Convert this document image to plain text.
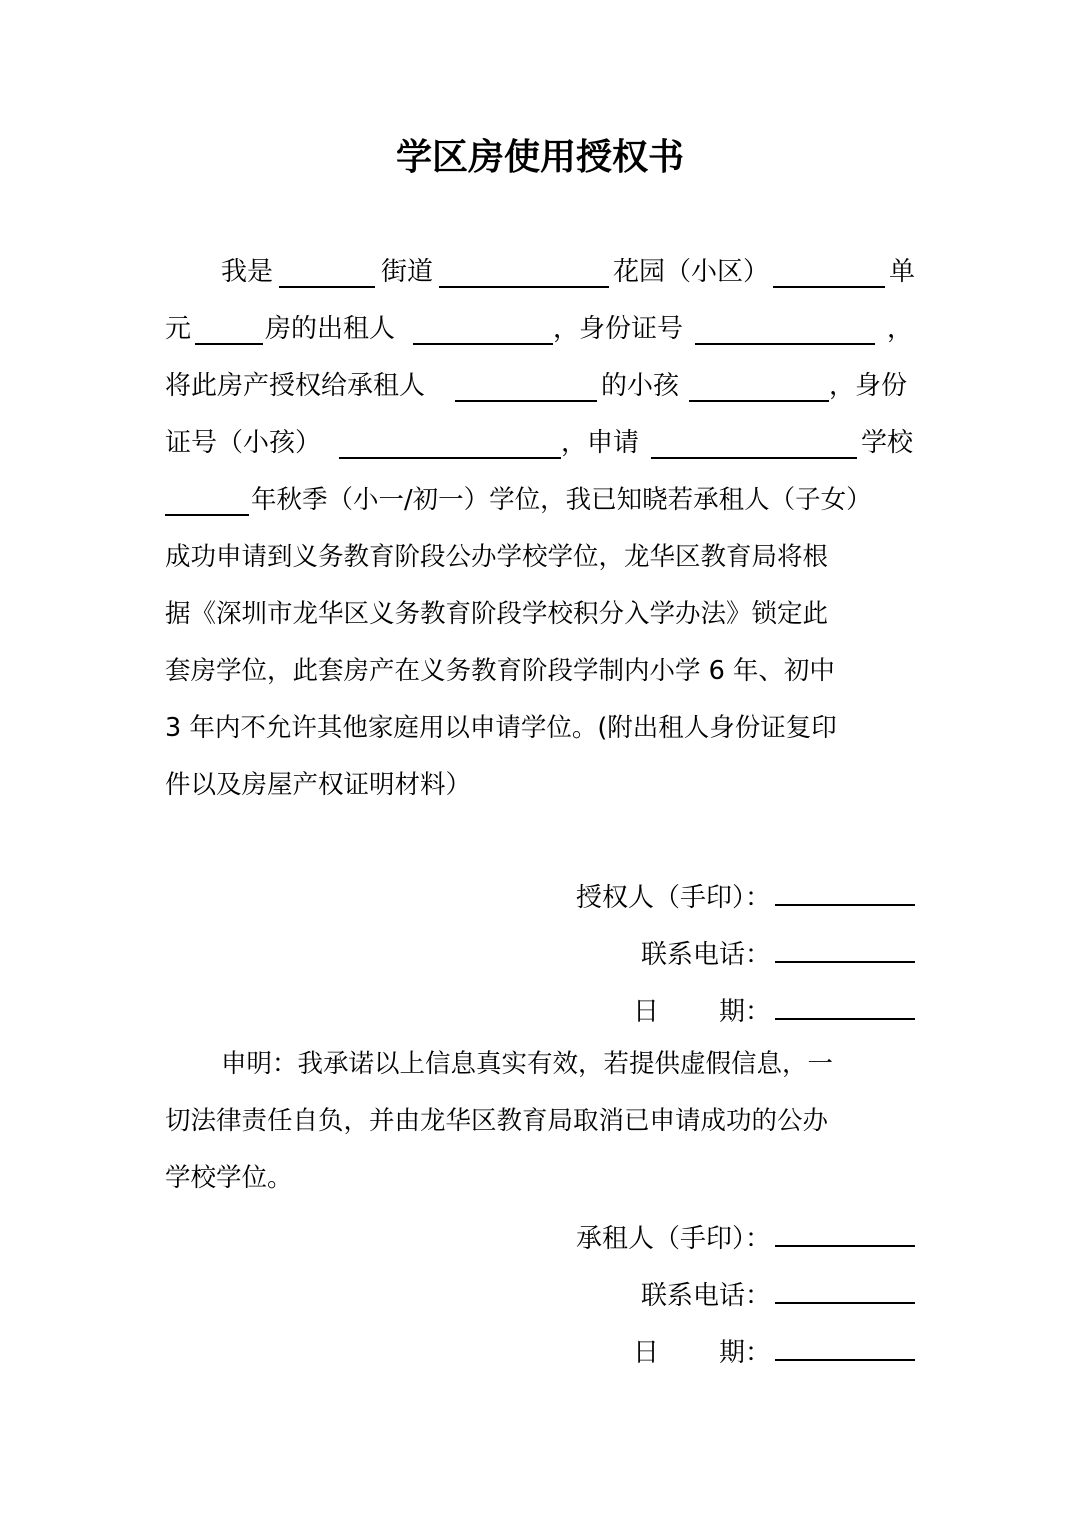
学区房使用授权书
我是	街道	花园（小区）	单
元	房的出租人	，身份证号	，
将此房产授权给承租人	的小孩	，身份
证号（小孩）	，申请	学校
年秋季（小一/初一）学位，我已知晓若承租人（子女）
成功申请到义务教育阶段公办学校学位，龙华区教育局将根
据《深圳市龙华区义务教育阶段学校积分入学办法》锁定此
套房学位，此套房产在义务教育阶段学制内小学 6 年、初中
3 年内不允许其他家庭用以申请学位。(附出租人身份证复印
件以及房屋产权证明材料）
授权人（手印）：
联系电话：
日 期：
申明：我承诺以上信息真实有效，若提供虚假信息，一
切法律责任自负，并由龙华区教育局取消已申请成功的公办
学校学位。
承租人（手印）：
联系电话：
日 期：
